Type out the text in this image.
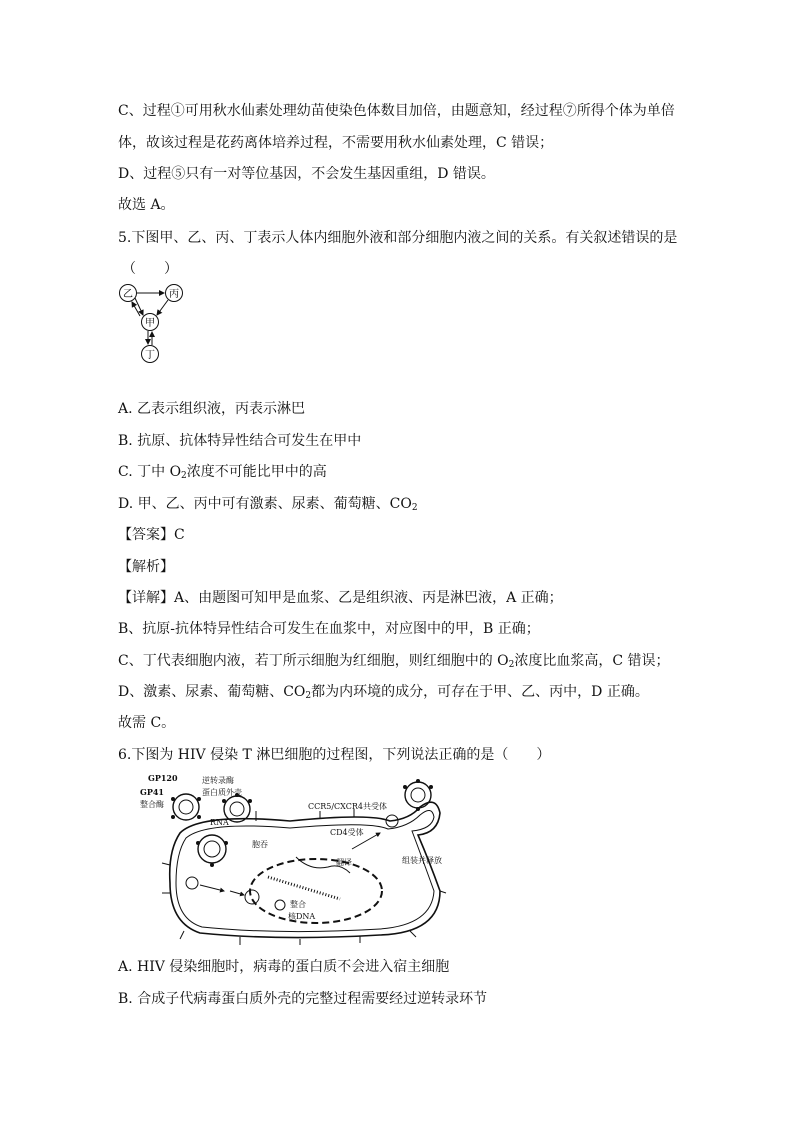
C、过程①可用秋水仙素处理幼苗使染色体数目加倍，由题意知，经过程⑦所得个体为单倍
体，故该过程是花药离体培养过程，不需要用秋水仙素处理，C 错误；
D、过程⑤只有一对等位基因，不会发生基因重组，D 错误。
故选 A。
5.下图甲、乙、丙、丁表示人体内细胞外液和部分细胞内液之间的关系。有关叙述错误的是
（　　）
乙	丙
甲
丁
A. 乙表示组织液，丙表示淋巴
B. 抗原、抗体特异性结合可发生在甲中
C. 丁中 $O_2$浓度不可能比甲中的高
D. 甲、乙、丙中可有激素、尿素、葡萄糖、$CO_2$
【答案】C
【解析】
【详解】A、由题图可知甲是血浆、乙是组织液、丙是淋巴液，A 正确；
B、抗原-抗体特异性结合可发生在血浆中，对应图中的甲，B 正确；
C、丁代表细胞内液，若丁所示细胞为红细胞，则红细胞中的 $O_2$浓度比血浆高，C 错误；
D、激素、尿素、葡萄糖、$CO_2$都为内环境的成分，可存在于甲、乙、丙中，D 正确。
故需 C。
6.下图为 HIV 侵染 T 淋巴细胞的过程图，下列说法正确的是（　　）
GP120
GP41
整合酶
逆转录酶
蛋白质外壳
RNA
CCR5/CXCR4共受体
CD4受体
胞吞
翻译	组装并释放
整合
核DNA
A. HIV 侵染细胞时，病毒的蛋白质不会进入宿主细胞
B. 合成子代病毒蛋白质外壳的完整过程需要经过逆转录环节
